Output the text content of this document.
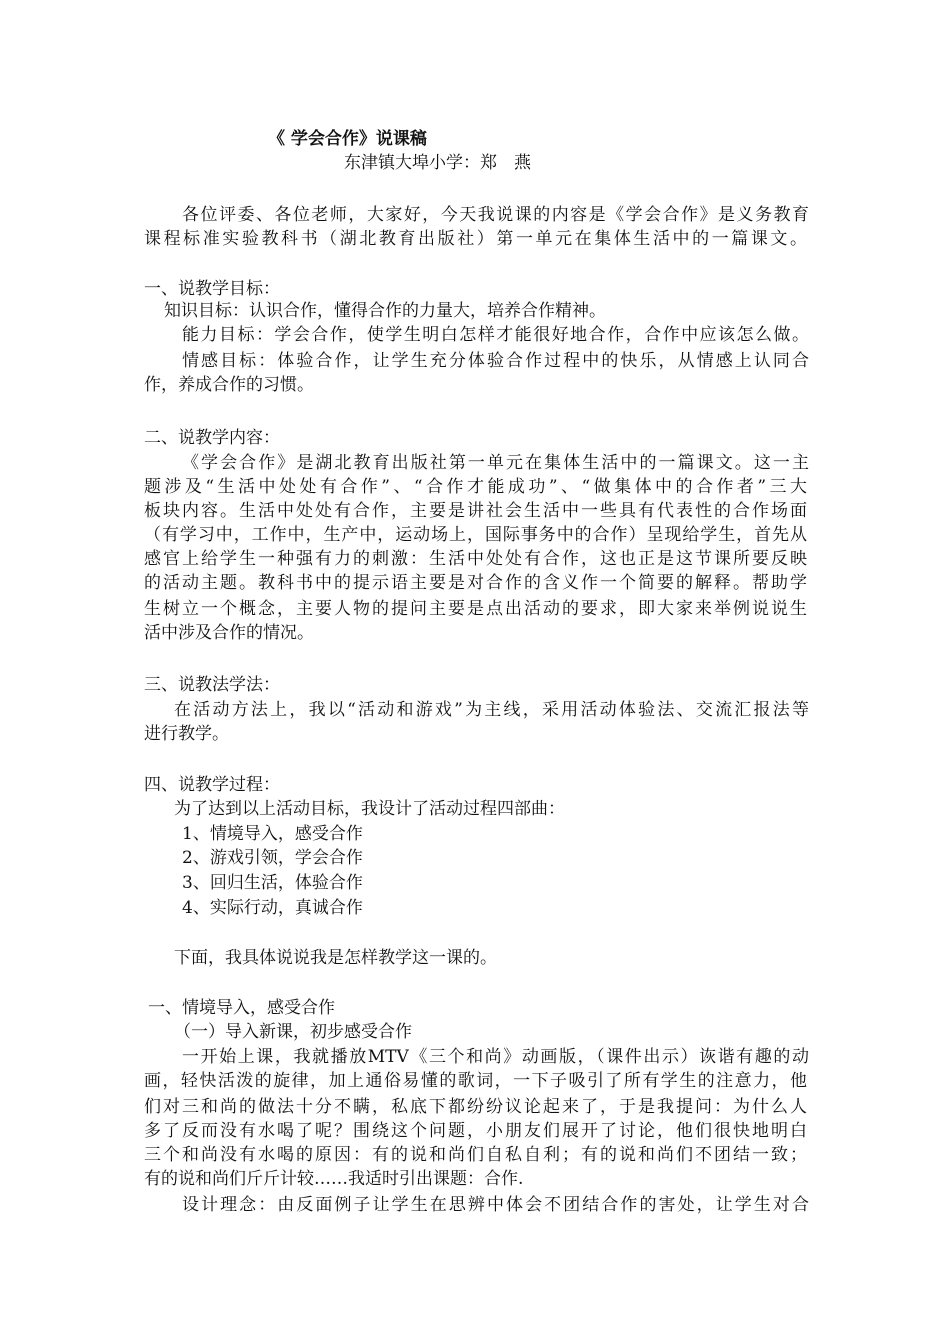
《 学会合作》说课稿
东津镇大埠小学：郑　燕
各位评委、各位老师，大家好，今天我说课的内容是《学会合作》是义务教育
课程标准实验教科书（湖北教育出版社）第一单元在集体生活中的一篇课文。
一、说教学目标：
知识目标：认识合作，懂得合作的力量大，培养合作精神。
能力目标：学会合作，使学生明白怎样才能很好地合作，合作中应该怎么做。
情感目标：体验合作，让学生充分体验合作过程中的快乐，从情感上认同合
作，养成合作的习惯。
二、说教学内容：
《学会合作》是湖北教育出版社第一单元在集体生活中的一篇课文。这一主
题涉及“生活中处处有合作”、“合作才能成功”、“做集体中的合作者”三大
板块内容。生活中处处有合作，主要是讲社会生活中一些具有代表性的合作场面
（有学习中，工作中，生产中，运动场上，国际事务中的合作）呈现给学生，首先从
感官上给学生一种强有力的刺激：生活中处处有合作，这也正是这节课所要反映
的活动主题。教科书中的提示语主要是对合作的含义作一个简要的解释。帮助学
生树立一个概念，主要人物的提问主要是点出活动的要求，即大家来举例说说生
活中涉及合作的情况。
三、说教法学法：
在活动方法上，我以“活动和游戏”为主线，采用活动体验法、交流汇报法等
进行教学。
四、说教学过程：
为了达到以上活动目标，我设计了活动过程四部曲：
1、情境导入，感受合作
2、游戏引领，学会合作
3、回归生活，体验合作
4、实际行动，真诚合作
下面，我具体说说我是怎样教学这一课的。
一、情境导入，感受合作
（一）导入新课，初步感受合作
一开始上课，我就播放MTV《三个和尚》动画版，（课件出示）诙谐有趣的动
画，轻快活泼的旋律，加上通俗易懂的歌词，一下子吸引了所有学生的注意力，他
们对三和尚的做法十分不瞒，私底下都纷纷议论起来了，于是我提问：为什么人
多了反而没有水喝了呢？围绕这个问题，小朋友们展开了讨论，他们很快地明白
三个和尚没有水喝的原因：有的说和尚们自私自利；有的说和尚们不团结一致；
有的说和尚们斤斤计较……我适时引出课题：合作.
设计理念：由反面例子让学生在思辨中体会不团结合作的害处，让学生对合
